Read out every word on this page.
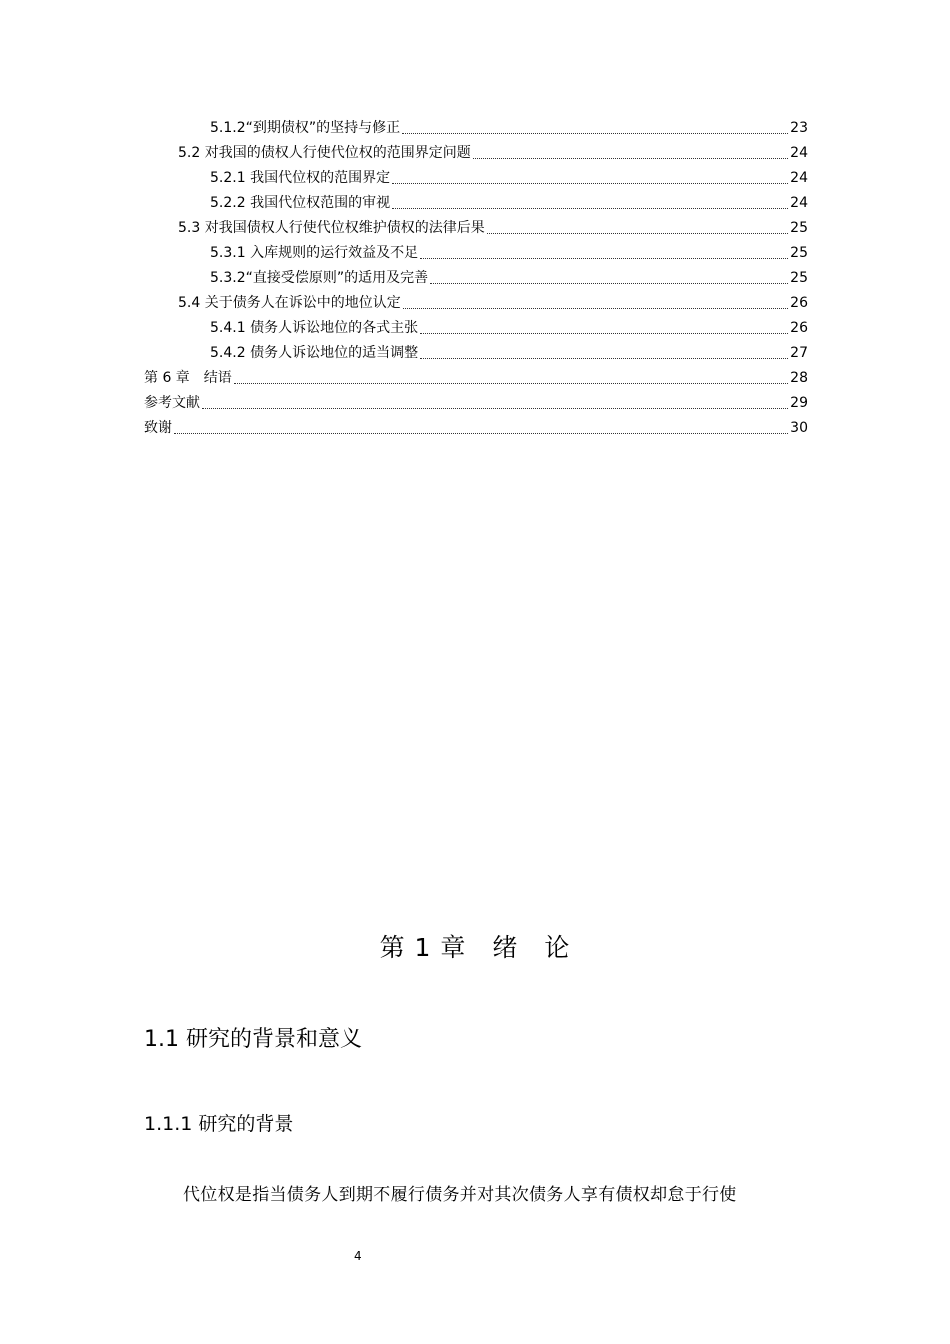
5.1.2“到期债权”的坚持与修正	23
5.2 对我国的债权人行使代位权的范围界定问题	24
5.2.1 我国代位权的范围界定	24
5.2.2 我国代位权范围的审视	24
5.3 对我国债权人行使代位权维护债权的法律后果	25
5.3.1 入库规则的运行效益及不足	25
5.3.2“直接受偿原则”的适用及完善	25
5.4 关于债务人在诉讼中的地位认定	26
5.4.1 债务人诉讼地位的各式主张	26
5.4.2 债务人诉讼地位的适当调整	27
第 6 章　结语	28
参考文献	29
致谢	30
第 1 章　绪　论
1.1 研究的背景和意义
1.1.1 研究的背景
代位权是指当债务人到期不履行债务并对其次债务人享有债权却怠于行使
4
